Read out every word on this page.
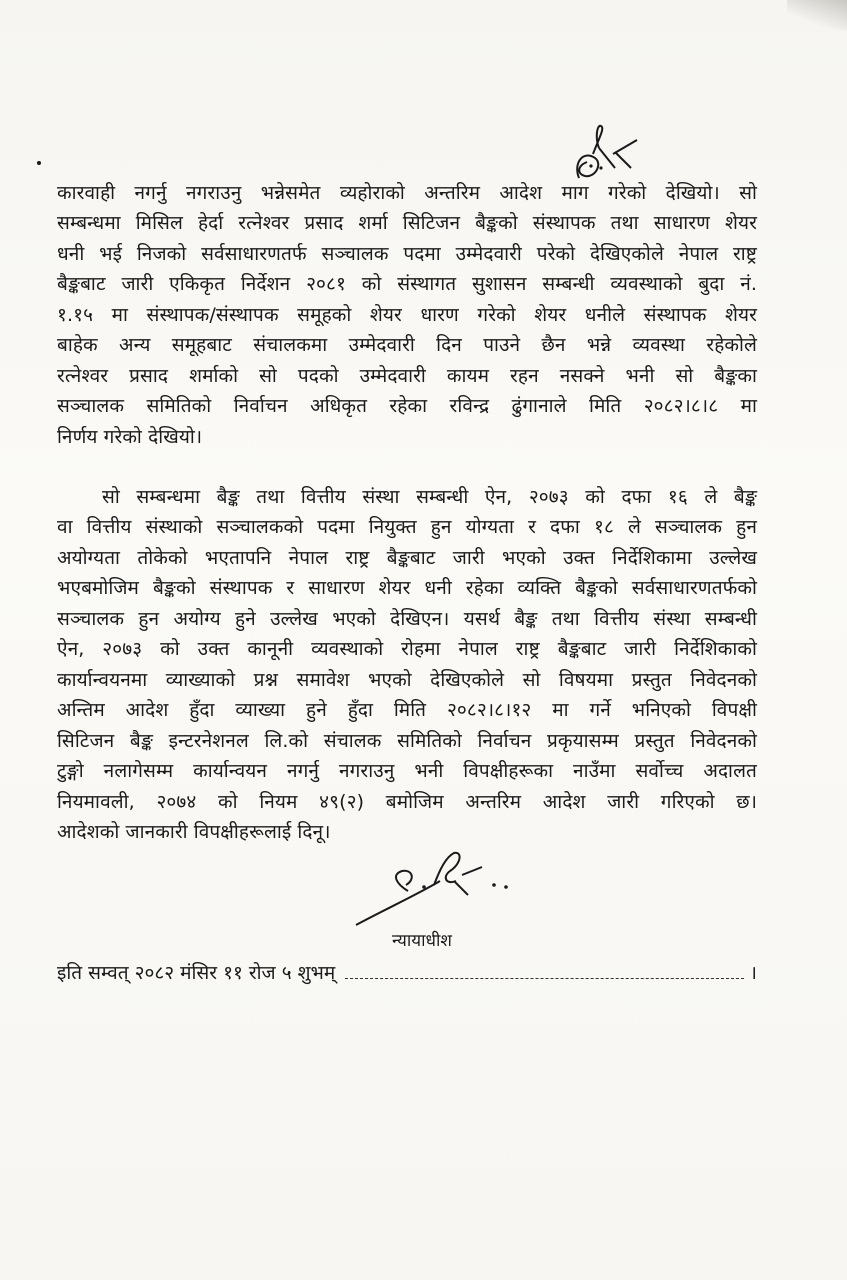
कारवाही नगर्नु नगराउनु भन्नेसमेत व्यहोराको अन्तरिम आदेश माग गरेको देखियो। सो
सम्बन्धमा मिसिल हेर्दा रत्नेश्वर प्रसाद शर्मा सिटिजन बैङ्कको संस्थापक तथा साधारण शेयर
धनी भई निजको सर्वसाधारणतर्फ सञ्चालक पदमा उम्मेदवारी परेको देखिएकोले नेपाल राष्ट्र
बैङ्कबाट जारी एकिकृत निर्देशन २०८१ को संस्थागत सुशासन सम्बन्धी व्यवस्थाको बुदा नं.
१.१५ मा संस्थापक/संस्थापक समूहको शेयर धारण गरेको शेयर धनीले संस्थापक शेयर
बाहेक अन्य समूहबाट संचालकमा उम्मेदवारी दिन पाउने छैन भन्ने व्यवस्था रहेकोले
रत्नेश्वर प्रसाद शर्माको सो पदको उम्मेदवारी कायम रहन नसक्ने भनी सो बैङ्कका
सञ्चालक समितिको निर्वाचन अधिकृत रहेका रविन्द्र ढुंगानाले मिति २०८२।८।८ मा
निर्णय गरेको देखियो।
सो सम्बन्धमा बैङ्क तथा वित्तीय संस्था सम्बन्धी ऐन, २०७३ को दफा १६ ले बैङ्क
वा वित्तीय संस्थाको सञ्चालकको पदमा नियुक्त हुन योग्यता र दफा १८ ले सञ्चालक हुन
अयोग्यता तोकेको भएतापनि नेपाल राष्ट्र बैङ्कबाट जारी भएको उक्त निर्देशिकामा उल्लेख
भएबमोजिम बैङ्कको संस्थापक र साधारण शेयर धनी रहेका व्यक्ति बैङ्कको सर्वसाधारणतर्फको
सञ्चालक हुन अयोग्य हुने उल्लेख भएको देखिएन। यसर्थ बैङ्क तथा वित्तीय संस्था सम्बन्धी
ऐन, २०७३ को उक्त कानूनी व्यवस्थाको रोहमा नेपाल राष्ट्र बैङ्कबाट जारी निर्देशिकाको
कार्यान्वयनमा व्याख्याको प्रश्न समावेश भएको देखिएकोले सो विषयमा प्रस्तुत निवेदनको
अन्तिम आदेश हुँदा व्याख्या हुने हुँदा मिति २०८२।८।१२ मा गर्ने भनिएको विपक्षी
सिटिजन बैङ्क इन्टरनेशनल लि.को संचालक समितिको निर्वाचन प्रकृयासम्म प्रस्तुत निवेदनको
टुङ्गो नलागेसम्म कार्यान्वयन नगर्नु नगराउनु भनी विपक्षीहरूका नाउँमा सर्वोच्च अदालत
नियमावली, २०७४ को नियम ४९(२) बमोजिम अन्तरिम आदेश जारी गरिएको छ।
आदेशको जानकारी विपक्षीहरूलाई दिनू।
न्यायाधीश
इति सम्वत् २०८२ मंसिर ११ रोज ५ शुभम्	।
